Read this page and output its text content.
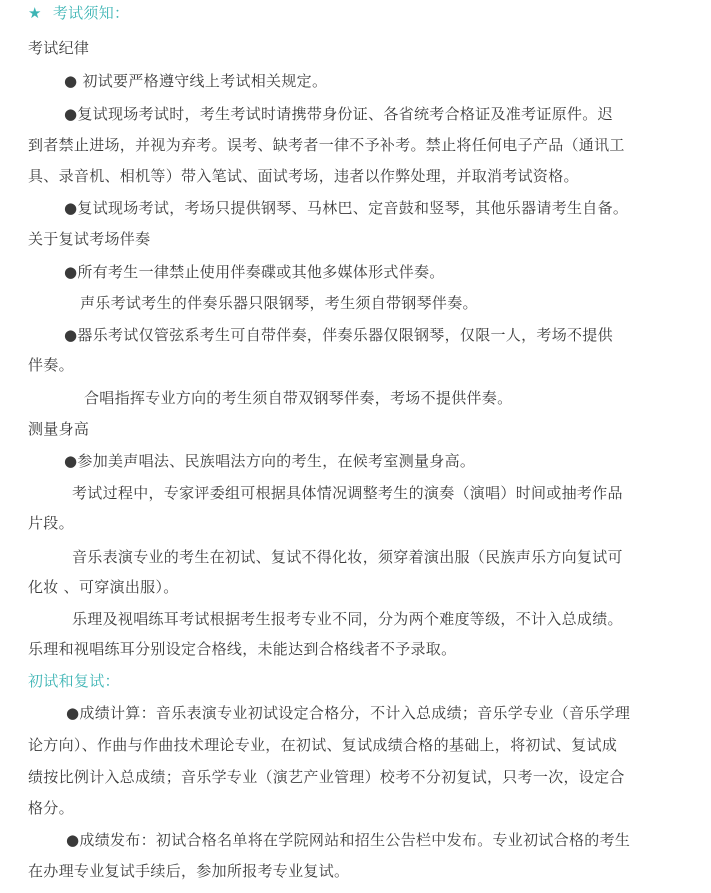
★ 考试须知：
考试纪律
● 初试要严格遵守线上考试相关规定。
●复试现场考试时，考生考试时请携带身份证、各省统考合格证及准考证原件。迟
到者禁止进场，并视为弃考。误考、缺考者一律不予补考。禁止将任何电子产品（通讯工
具、录音机、相机等）带入笔试、面试考场，违者以作弊处理，并取消考试资格。
●复试现场考试，考场只提供钢琴、马林巴、定音鼓和竖琴，其他乐器请考生自备。
关于复试考场伴奏
●所有考生一律禁止使用伴奏碟或其他多媒体形式伴奏。
声乐考试考生的伴奏乐器只限钢琴，考生须自带钢琴伴奏。
●器乐考试仅管弦系考生可自带伴奏，伴奏乐器仅限钢琴，仅限一人，考场不提供
伴奏。
合唱指挥专业方向的考生须自带双钢琴伴奏，考场不提供伴奏。
测量身高
●参加美声唱法、民族唱法方向的考生，在候考室测量身高。
考试过程中，专家评委组可根据具体情况调整考生的演奏（演唱）时间或抽考作品
片段。
音乐表演专业的考生在初试、复试不得化妆，须穿着演出服（民族声乐方向复试可
化妆 、可穿演出服）。
乐理及视唱练耳考试根据考生报考专业不同，分为两个难度等级，不计入总成绩。
乐理和视唱练耳分别设定合格线，未能达到合格线者不予录取。
初试和复试：
●成绩计算：音乐表演专业初试设定合格分，不计入总成绩；音乐学专业（音乐学理
论方向）、作曲与作曲技术理论专业，在初试、复试成绩合格的基础上，将初试、复试成
绩按比例计入总成绩；音乐学专业（演艺产业管理）校考不分初复试，只考一次，设定合
格分。
●成绩发布：初试合格名单将在学院网站和招生公告栏中发布。专业初试合格的考生
在办理专业复试手续后，参加所报考专业复试。
